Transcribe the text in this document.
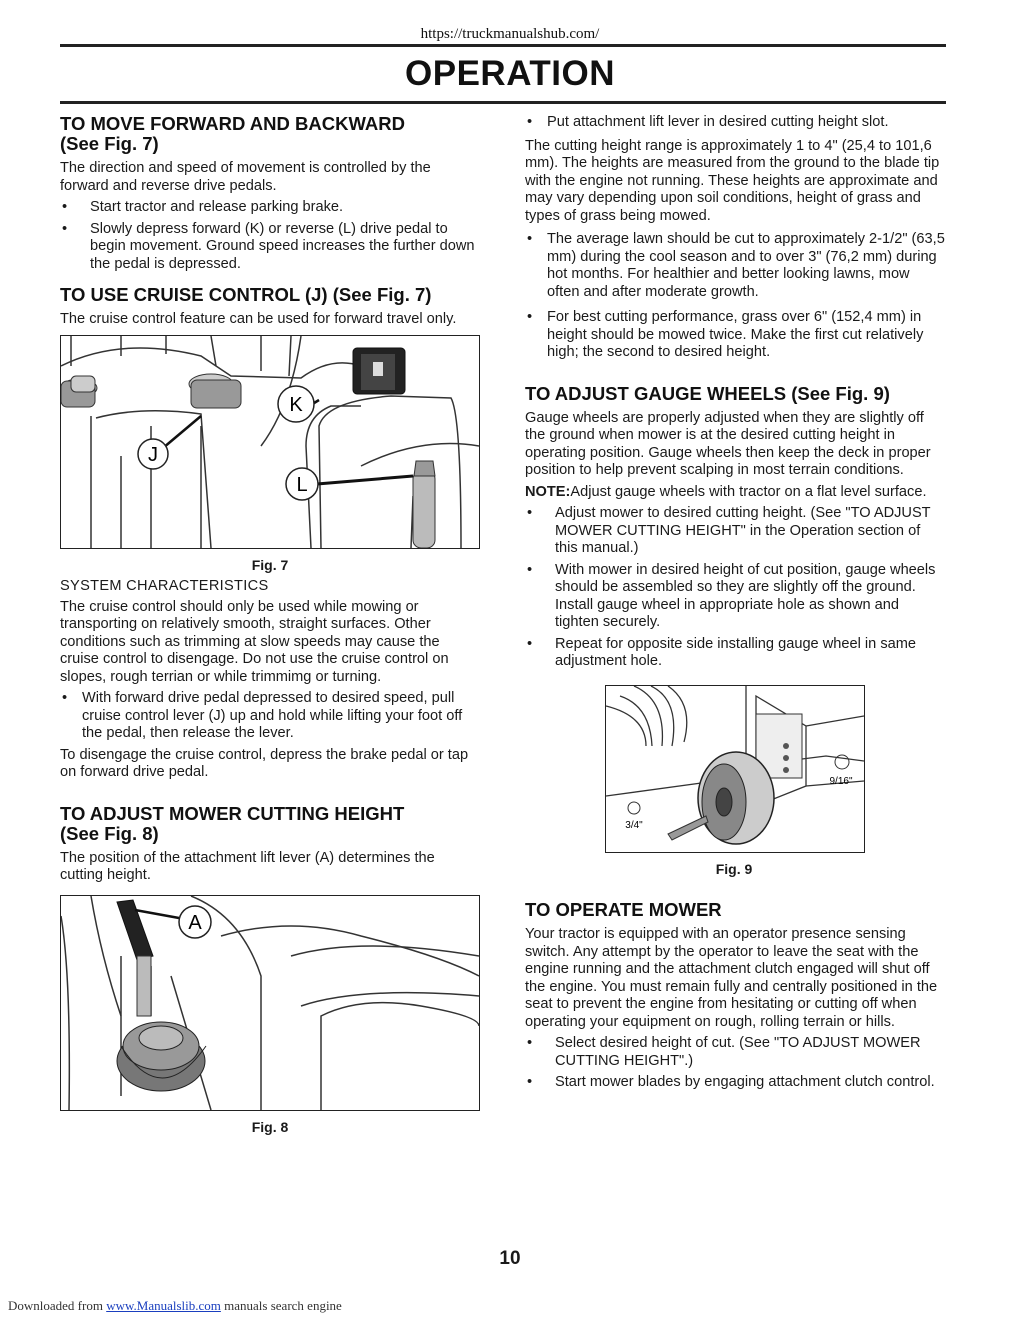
https://truckmanualshub.com/
OPERATION
TO MOVE FORWARD AND BACKWARD
(See Fig. 7)

The direction and speed of movement is controlled by the forward and reverse drive pedals.

• Start tractor and release parking brake.
• Slowly depress forward (K) or reverse (L) drive pedal to begin movement. Ground speed increases the further down the pedal is depressed.
TO USE CRUISE CONTROL (J) (See Fig. 7)

The cruise control feature can be used for forward travel only.

K
J
L
Fig. 7

SYSTEM CHARACTERISTICS

The cruise control should only be used while mowing or transporting on relatively smooth, straight surfaces. Other conditions such as trimming at slow speeds may cause the cruise control to disengage. Do not use the cruise control on slopes, rough terrian or while trimmimg or turning.

• With forward drive pedal depressed to desired speed, pull cruise control lever (J) up and hold while lifting your foot off the pedal, then release the lever.

To disengage the cruise control, depress the brake pedal or tap on forward drive pedal.

TO ADJUST MOWER CUTTING HEIGHT
(See Fig. 8)

The position of the attachment lift lever (A) determines the cutting height.

A
Fig. 8
• Put attachment lift lever in desired cutting height slot.

The cutting height range is approximately 1 to 4" (25,4 to 101,6 mm). The heights are measured from the ground to the blade tip with the engine not running. These heights are approximate and may vary depending upon soil conditions, height of grass and types of grass being mowed.

• The average lawn should be cut to approximately 2-1/2" (63,5 mm) during the cool season and to over 3" (76,2 mm) during hot months. For healthier and better looking lawns, mow often and after moderate growth.
• For best cutting performance, grass over 6" (152,4 mm) in height should be mowed twice. Make the first cut relatively high; the second to desired height.
TO ADJUST GAUGE WHEELS (See Fig. 9)

Gauge wheels are properly adjusted when they are slightly off the ground when mower is at the desired cutting height in operating position. Gauge wheels then keep the deck in proper position to help prevent scalping in most terrain conditions.

NOTE:Adjust gauge wheels with tractor on a flat level surface.

• Adjust mower to desired cutting height. (See "TO ADJUST MOWER CUTTING HEIGHT" in the Operation section of this manual.)
• With mower in desired height of cut position, gauge wheels should be assembled so they are slightly off the ground. Install gauge wheel in appropriate hole as shown and tighten securely.
• Repeat for opposite side installing gauge wheel in same adjustment hole.
9/16"
3/4"
Fig. 9
TO OPERATE MOWER

Your tractor is equipped with an operator presence sensing switch. Any attempt by the operator to leave the seat with the engine running and the attachment clutch engaged will shut off the engine. You must remain fully and centrally positioned in the seat to prevent the engine from hesitating or cutting off when operating your equipment on rough, rolling terrain or hills.

• Select desired height of cut. (See "TO ADJUST MOWER CUTTING HEIGHT".)
• Start mower blades by engaging attachment clutch control.
10
Downloaded from www.Manualslib.com manuals search engine
